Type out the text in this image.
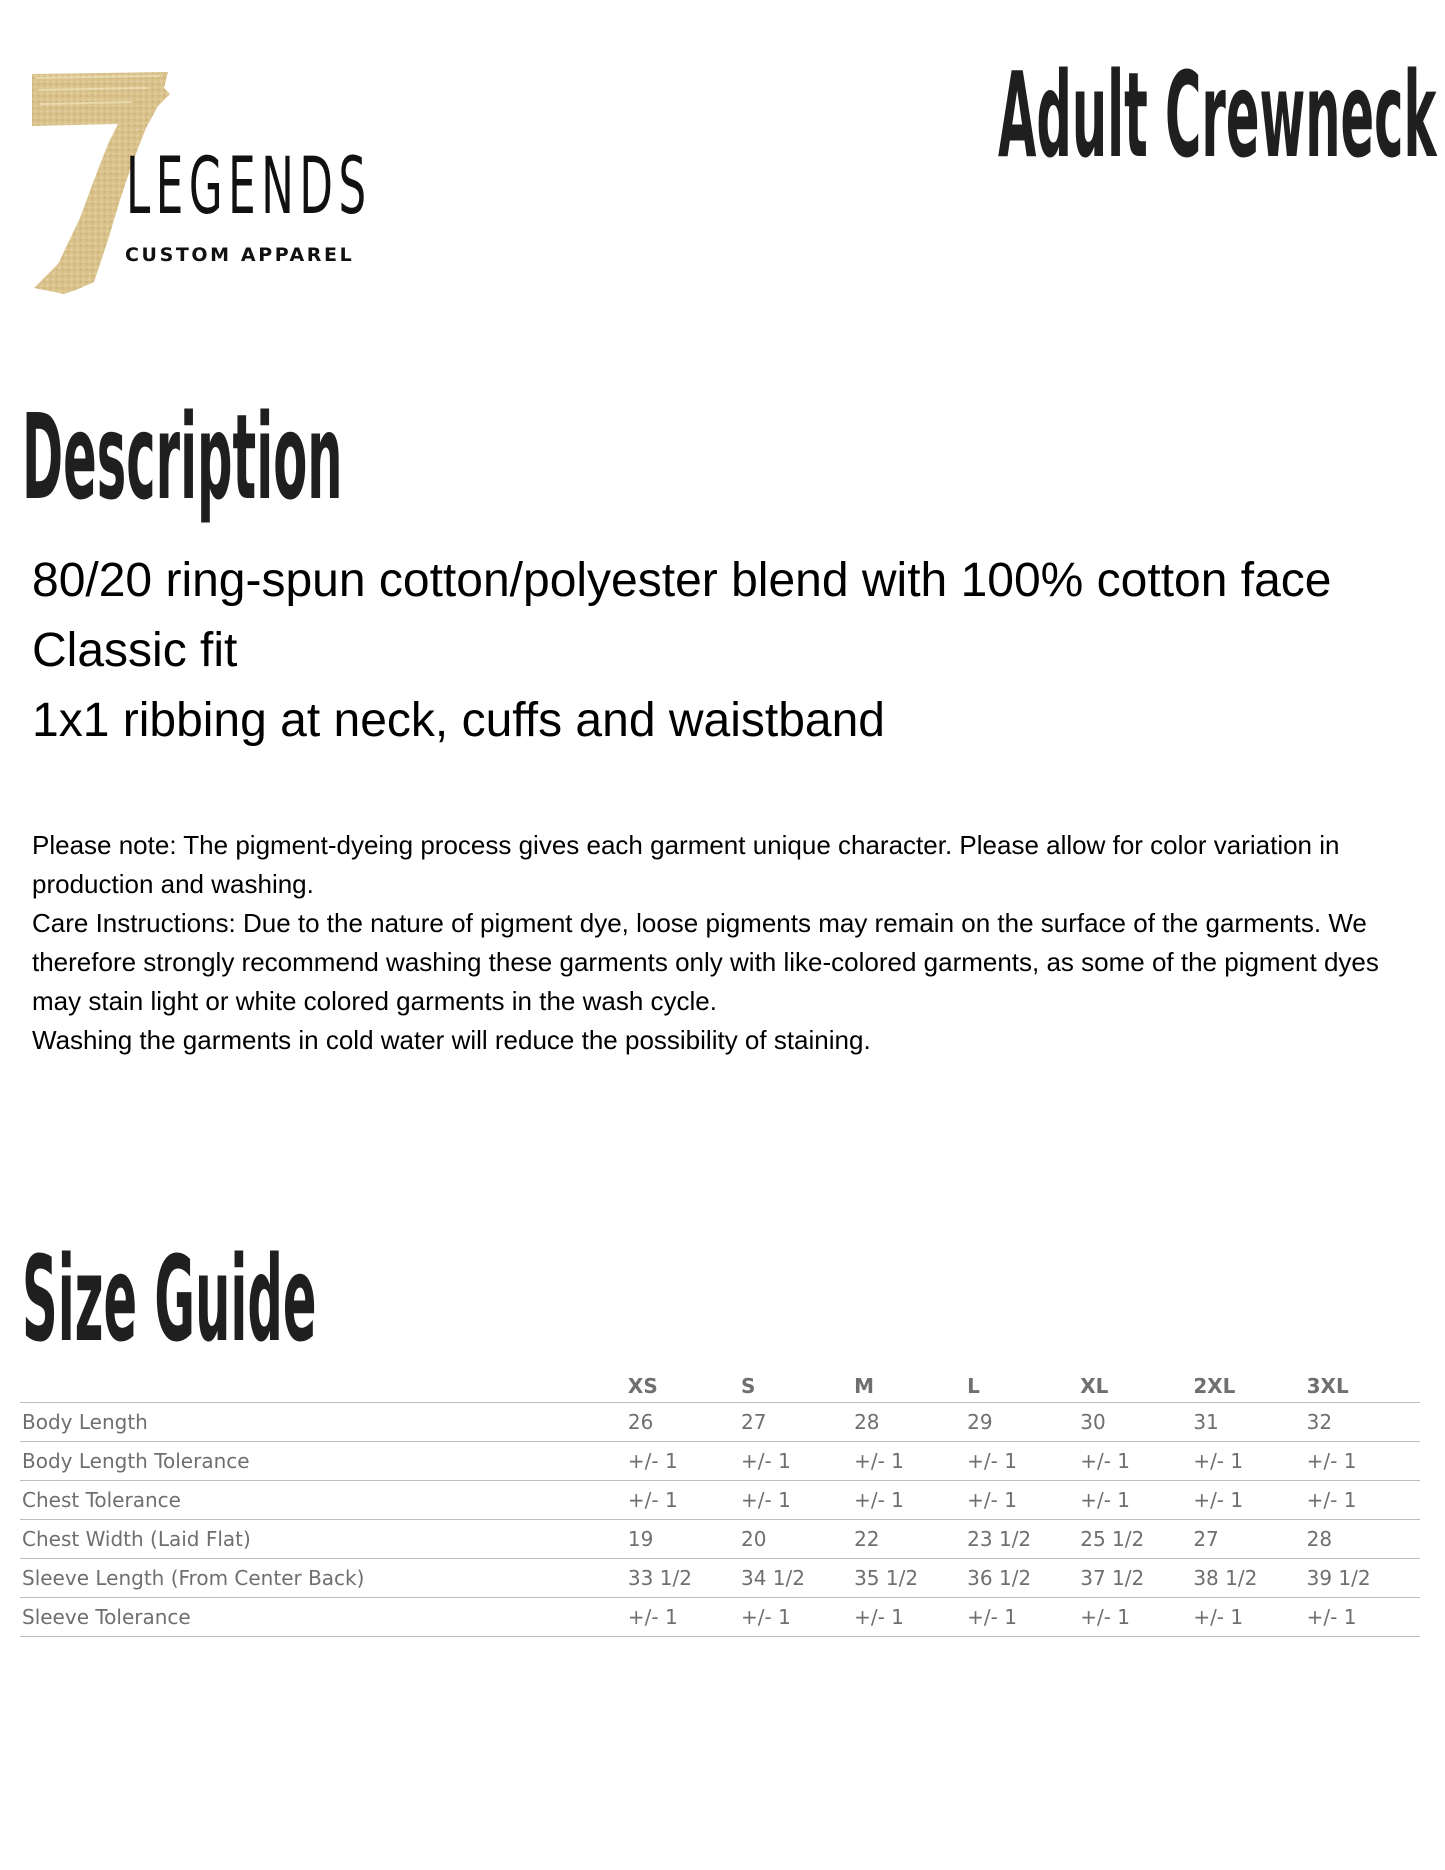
LEGENDS
CUSTOM APPAREL
Adult Crewneck
Description
80/20 ring-spun cotton/polyester blend with 100% cotton face
Classic fit
1x1 ribbing at neck, cuffs and waistband

Please note: The pigment-dyeing process gives each garment unique character. Please allow for color variation in production and washing.

Care Instructions: Due to the nature of pigment dye, loose pigments may remain on the surface of the garments. We therefore strongly recommend washing these garments only with like-colored garments, as some of the pigment dyes may stain light or white colored garments in the wash cycle.

Washing the garments in cold water will reduce the possibility of staining.

Size Guide
	XS	S	M	L	XL	2XL	3XL
Body Length	26	27	28	29	30	31	32
Body Length Tolerance	+/- 1	+/- 1	+/- 1	+/- 1	+/- 1	+/- 1	+/- 1
Chest Tolerance	+/- 1	+/- 1	+/- 1	+/- 1	+/- 1	+/- 1	+/- 1
Chest Width (Laid Flat)	19	20	22	23 1/2	25 1/2	27	28
Sleeve Length (From Center Back)	33 1/2	34 1/2	35 1/2	36 1/2	37 1/2	38 1/2	39 1/2
Sleeve Tolerance	+/- 1	+/- 1	+/- 1	+/- 1	+/- 1	+/- 1	+/- 1
